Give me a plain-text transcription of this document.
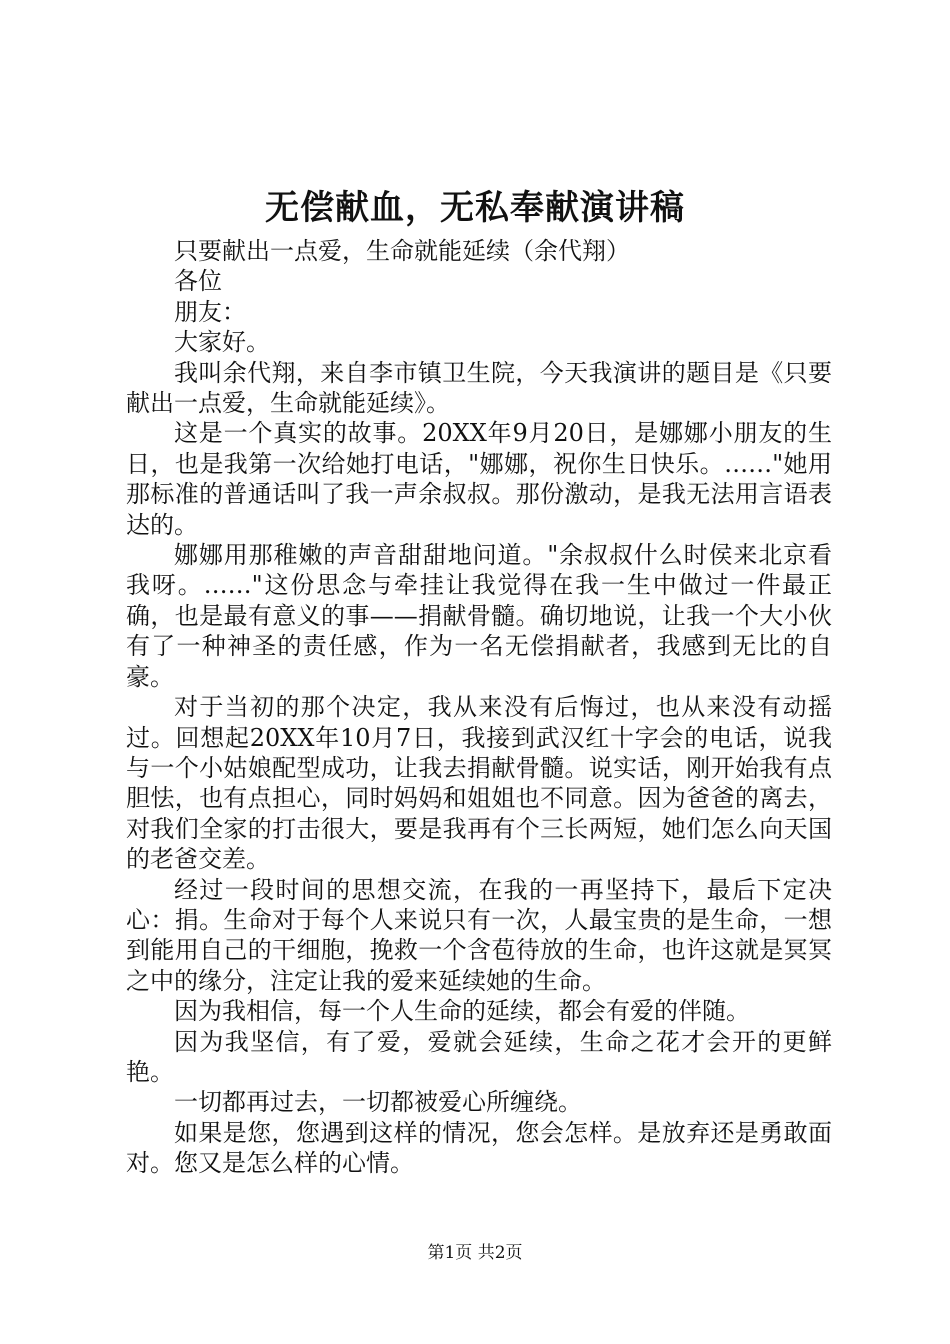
无偿献血，无私奉献演讲稿

只要献出一点爱，生命就能延续（余代翔）

各位

朋友：

大家好。

我叫余代翔，来自李市镇卫生院，今天我演讲的题目是《只要献出一点爱，生命就能延续》。

这是一个真实的故事。20XX年9月20日，是娜娜小朋友的生日，也是我第一次给她打电话，"娜娜，祝你生日快乐。……"她用那标准的普通话叫了我一声余叔叔。那份激动，是我无法用言语表达的。

娜娜用那稚嫩的声音甜甜地问道。"余叔叔什么时侯来北京看我呀。……"这份思念与牵挂让我觉得在我一生中做过一件最正确，也是最有意义的事——捐献骨髓。确切地说，让我一个大小伙有了一种神圣的责任感，作为一名无偿捐献者，我感到无比的自豪。

对于当初的那个决定，我从来没有后悔过，也从来没有动摇过。回想起20XX年10月7日，我接到武汉红十字会的电话，说我与一个小姑娘配型成功，让我去捐献骨髓。说实话，刚开始我有点胆怯，也有点担心，同时妈妈和姐姐也不同意。因为爸爸的离去，对我们全家的打击很大，要是我再有个三长两短，她们怎么向天国的老爸交差。

经过一段时间的思想交流，在我的一再坚持下，最后下定决心：捐。生命对于每个人来说只有一次，人最宝贵的是生命，一想到能用自己的干细胞，挽救一个含苞待放的生命，也许这就是冥冥之中的缘分，注定让我的爱来延续她的生命。

因为我相信，每一个人生命的延续，都会有爱的伴随。

因为我坚信，有了爱，爱就会延续，生命之花才会开的更鲜艳。

一切都再过去，一切都被爱心所缠绕。

如果是您，您遇到这样的情况，您会怎样。是放弃还是勇敢面对。您又是怎么样的心情。

第1页 共2页
